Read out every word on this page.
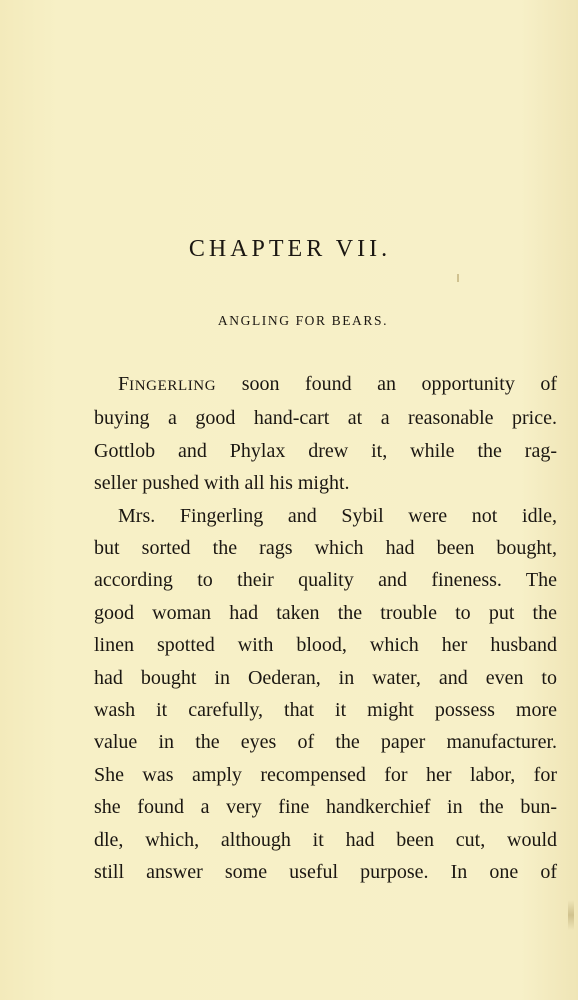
CHAPTER VII.
ANGLING FOR BEARS.
FINGERLING soon found an opportunity of
buying a good hand-cart at a reasonable price.
Gottlob and Phylax drew it, while the rag-
seller pushed with all his might.
Mrs. Fingerling and Sybil were not idle,
but sorted the rags which had been bought,
according to their quality and fineness. The
good woman had taken the trouble to put the
linen spotted with blood, which her husband
had bought in Oederan, in water, and even to
wash it carefully, that it might possess more
value in the eyes of the paper manufacturer.
She was amply recompensed for her labor, for
she found a very fine handkerchief in the bun-
dle, which, although it had been cut, would
still answer some useful purpose. In one of
